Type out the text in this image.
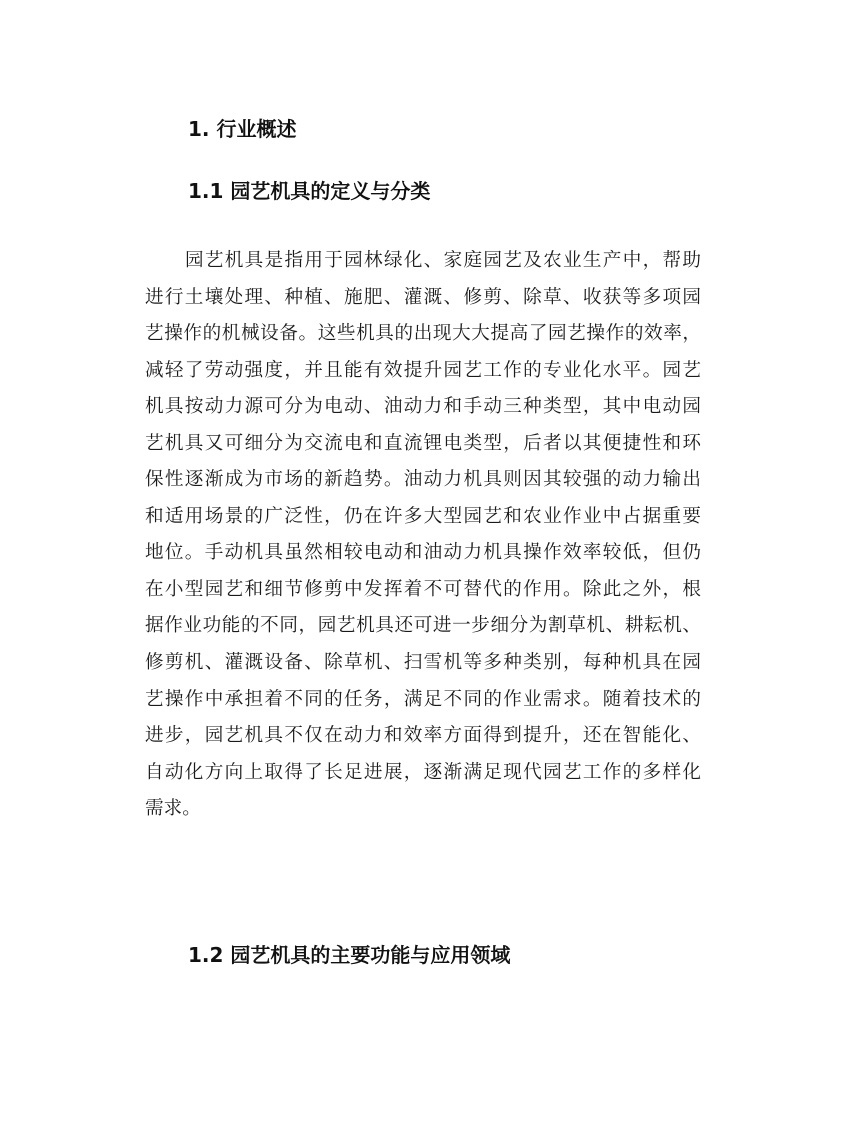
1. 行业概述
1.1 园艺机具的定义与分类
园艺机具是指用于园林绿化、家庭园艺及农业生产中，帮助
进行土壤处理、种植、施肥、灌溉、修剪、除草、收获等多项园
艺操作的机械设备。这些机具的出现大大提高了园艺操作的效率，
减轻了劳动强度，并且能有效提升园艺工作的专业化水平。园艺
机具按动力源可分为电动、油动力和手动三种类型，其中电动园
艺机具又可细分为交流电和直流锂电类型，后者以其便捷性和环
保性逐渐成为市场的新趋势。油动力机具则因其较强的动力输出
和适用场景的广泛性，仍在许多大型园艺和农业作业中占据重要
地位。手动机具虽然相较电动和油动力机具操作效率较低，但仍
在小型园艺和细节修剪中发挥着不可替代的作用。除此之外，根
据作业功能的不同，园艺机具还可进一步细分为割草机、耕耘机、
修剪机、灌溉设备、除草机、扫雪机等多种类别，每种机具在园
艺操作中承担着不同的任务，满足不同的作业需求。随着技术的
进步，园艺机具不仅在动力和效率方面得到提升，还在智能化、
自动化方向上取得了长足进展，逐渐满足现代园艺工作的多样化
需求。
1.2 园艺机具的主要功能与应用领域
